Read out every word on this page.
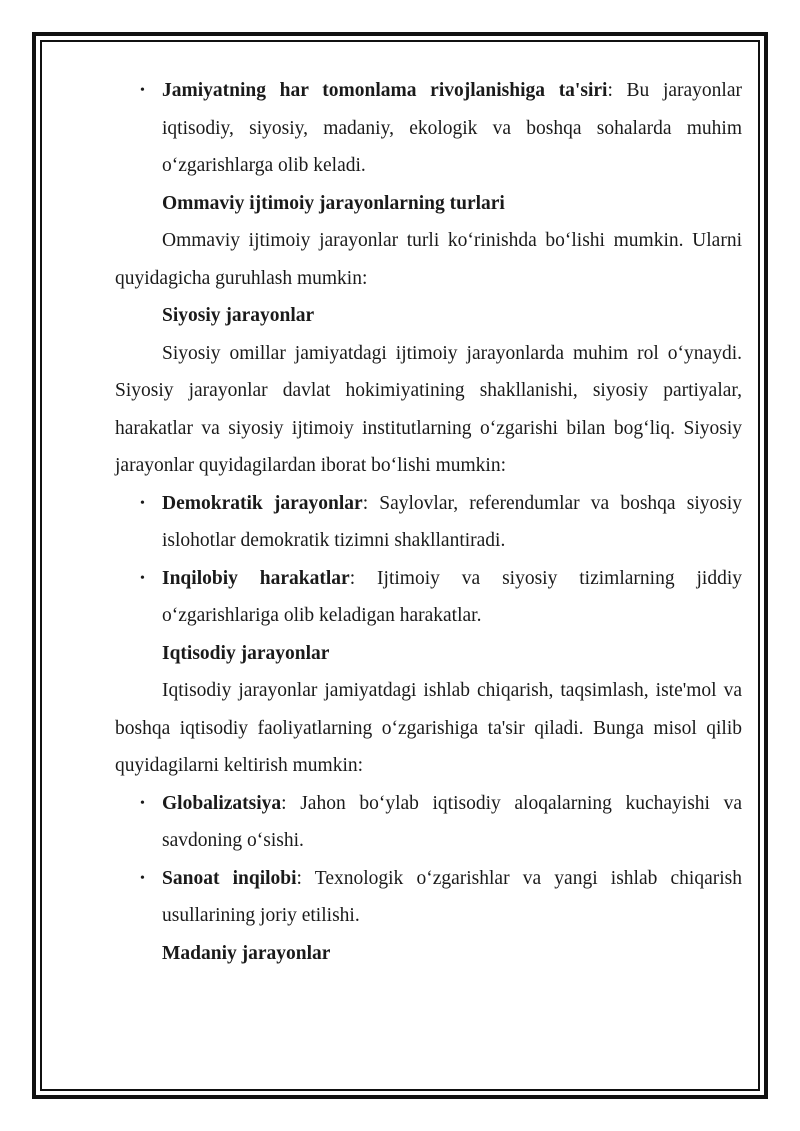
• Jamiyatning har tomonlama rivojlanishiga ta'siri: Bu jarayonlar iqtisodiy, siyosiy, madaniy, ekologik va boshqa sohalarda muhim oʻzgarishlarga olib keladi.

Ommaviy ijtimoiy jarayonlarning turlari

Ommaviy ijtimoiy jarayonlar turli koʻrinishda boʻlishi mumkin. Ularni quyidagicha guruhlash mumkin:

Siyosiy jarayonlar

Siyosiy omillar jamiyatdagi ijtimoiy jarayonlarda muhim rol oʻynaydi. Siyosiy jarayonlar davlat hokimiyatining shakllanishi, siyosiy partiyalar, harakatlar va siyosiy ijtimoiy institutlarning oʻzgarishi bilan bogʻliq. Siyosiy jarayonlar quyidagilardan iborat boʻlishi mumkin:

• Demokratik jarayonlar: Saylovlar, referendumlar va boshqa siyosiy islohotlar demokratik tizimni shakllantiradi.

• Inqilobiy harakatlar: Ijtimoiy va siyosiy tizimlarning jiddiy oʻzgarishlariga olib keladigan harakatlar.

Iqtisodiy jarayonlar

Iqtisodiy jarayonlar jamiyatdagi ishlab chiqarish, taqsimlash, iste'mol va boshqa iqtisodiy faoliyatlarning oʻzgarishiga ta'sir qiladi. Bunga misol qilib quyidagilarni keltirish mumkin:

• Globalizatsiya: Jahon boʻylab iqtisodiy aloqalarning kuchayishi va savdoning oʻsishi.

• Sanoat inqilobi: Texnologik oʻzgarishlar va yangi ishlab chiqarish usullarining joriy etilishi.

Madaniy jarayonlar
